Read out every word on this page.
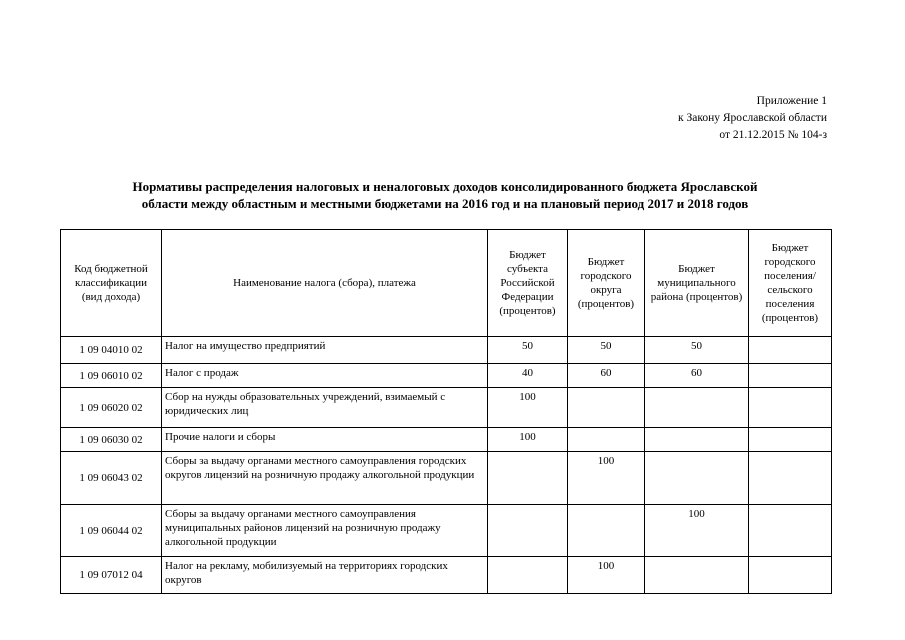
Приложение 1
к Закону Ярославской области
от 21.12.2015 № 104-з
Нормативы распределения налоговых и неналоговых доходов консолидированного бюджета Ярославской
области между областным и местными бюджетами на 2016 год и на плановый период 2017 и 2018 годов
Код бюджетной классификации (вид дохода)	Наименование налога (сбора), платежа	Бюджет субъекта Российской Федерации (процентов)	Бюджет городского округа (процентов)	Бюджет муниципального района (процентов)	Бюджет городского поселения/ сельского поселения (процентов)
1 09 04010 02	Налог на имущество предприятий	50	50	50	
1 09 06010 02	Налог с продаж	40	60	60	
1 09 06020 02	Сбор на нужды образовательных учреждений, взимаемый с юридических лиц	100			
1 09 06030 02	Прочие налоги и сборы	100			
1 09 06043 02	Сборы за выдачу органами местного самоуправления городских округов лицензий на розничную продажу алкогольной продукции		100		
1 09 06044 02	Сборы за выдачу органами местного самоуправления муниципальных районов лицензий на розничную продажу алкогольной продукции			100	
1 09 07012 04	Налог на рекламу, мобилизуемый на территориях городских округов		100		
